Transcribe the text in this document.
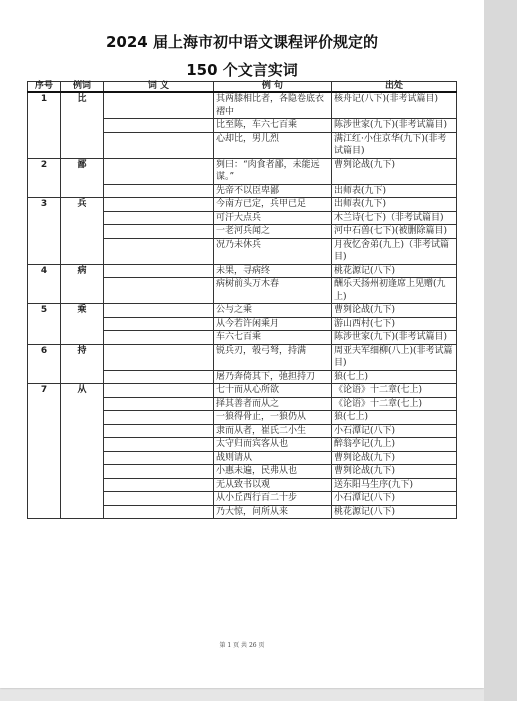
2024 届上海市初中语文课程评价规定的
150 个文言实词
序号	例词	词 义	例 句	出处
1	比		其两膝相比者，各隐卷底衣褶中	核舟记(八下)(非考试篇目)
			比至陈，车六七百乘	陈涉世家(九下)(非考试篇目)
			心却比，男儿烈	满江红·小住京华(九下)(非考试篇目)
2	鄙		刿曰：“肉食者鄙，未能远谋。”	曹刿论战(九下)
			先帝不以臣卑鄙	出师表(九下)
3	兵		今南方已定，兵甲已足	出师表(九下)
			可汗大点兵	木兰诗(七下)（非考试篇目)
			一老河兵闻之	河中石兽(七下)(被删除篇目)
			况乃未休兵	月夜忆舍弟(九上)（非考试篇目)
4	病		未果，寻病终	桃花源记(八下)
			病树前头万木春	酬乐天扬州初逢席上见赠(九上)
5	乘		公与之乘	曹刿论战(九下)
			从今若许闲乘月	游山西村(七下)
			车六七百乘	陈涉世家(九下)(非考试篇目)
6	持		锐兵刃，彀弓弩，持满	周亚夫军细柳(八上)(非考试篇目)
			屠乃奔倚其下，弛担持刀	狼(七上)
7	从		七十而从心所欲	《论语》十二章(七上)
			择其善者而从之	《论语》十二章(七上)
			一狼得骨止，一狼仍从	狼(七上)
			隶而从者，崔氏二小生	小石潭记(八下)
			太守归而宾客从也	醉翁亭记(九上)
			战则请从	曹刿论战(九下)
			小惠未遍，民弗从也	曹刿论战(九下)
			无从致书以观	送东阳马生序(九下)
			从小丘西行百二十步	小石潭记(八下)
			乃大惊，问所从来	桃花源记(八下)
第 1 页 共 26 页
